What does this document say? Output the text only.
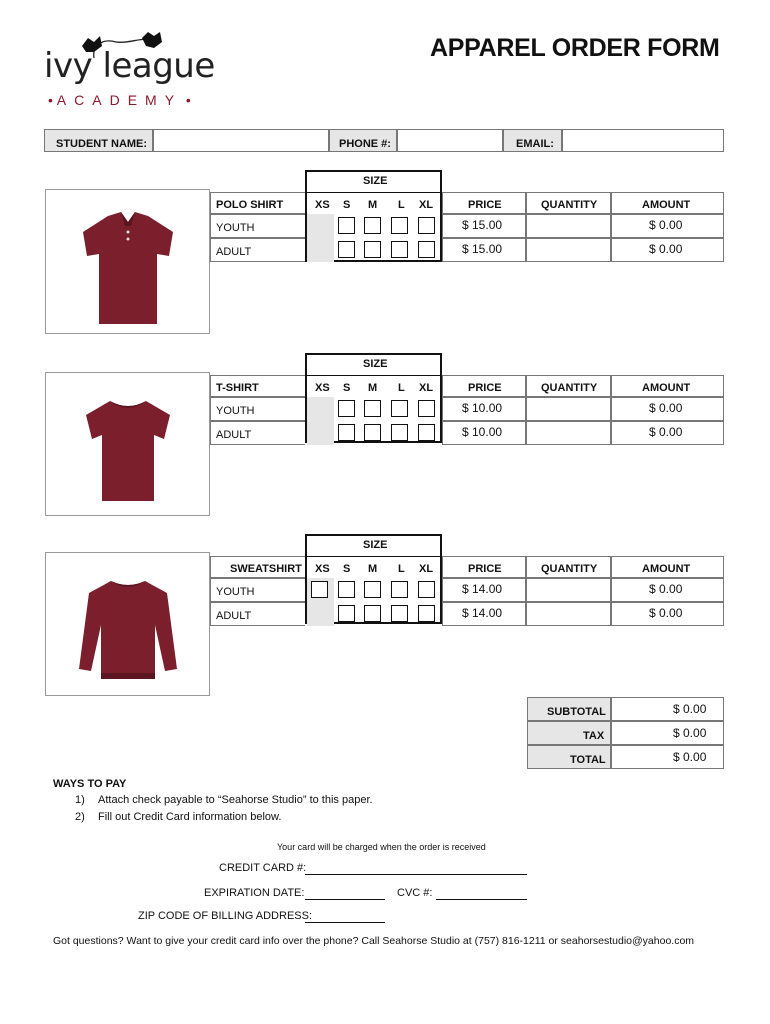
ivy league
• ACADEMY •
APPAREL ORDER FORM
STUDENT NAME:	PHONE #:	EMAIL:
SIZE
POLO SHIRT	XS S M L XL	PRICE	QUANTITY	AMOUNT
YOUTH	$ 15.00	$ 0.00
ADULT	$ 15.00	$ 0.00
SIZE
T-SHIRT	XS S M L XL	PRICE	QUANTITY	AMOUNT
YOUTH	$ 10.00	$ 0.00
ADULT	$ 10.00	$ 0.00
SIZE
SWEATSHIRT XS S M L XL	PRICE	QUANTITY	AMOUNT
YOUTH	$ 14.00	$ 0.00
ADULT	$ 14.00	$ 0.00
SUBTOTAL	$ 0.00
TAX	$ 0.00
TOTAL	$ 0.00
WAYS TO PAY
1) Attach check payable to “Seahorse Studio” to this paper.
2) Fill out Credit Card information below.
Your card will be charged when the order is received
CREDIT CARD #:
EXPIRATION DATE:	CVC #:
ZIP CODE OF BILLING ADDRESS:
Got questions? Want to give your credit card info over the phone? Call Seahorse Studio at (757) 816-1211 or seahorsestudio@yahoo.com
